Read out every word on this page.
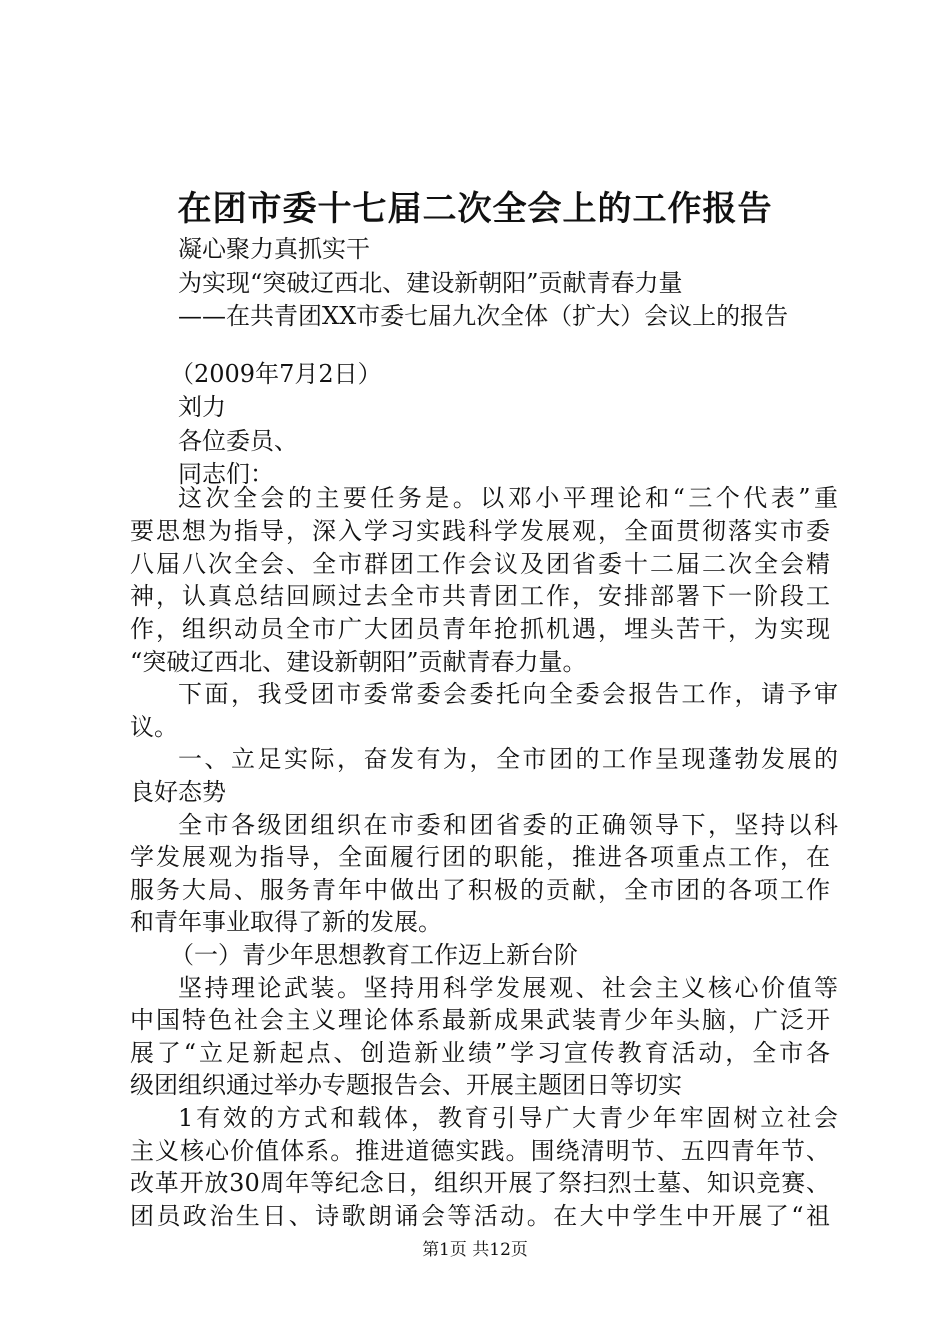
在团市委十七届二次全会上的工作报告
凝心聚力真抓实干
为实现“突破辽西北、建设新朝阳”贡献青春力量
——在共青团XX市委七届九次全体（扩大）会议上的报告
（2009年7月2日）
刘力
各位委员、
同志们：
这次全会的主要任务是。以邓小平理论和“三个代表”重
要思想为指导，深入学习实践科学发展观，全面贯彻落实市委
八届八次全会、全市群团工作会议及团省委十二届二次全会精
神，认真总结回顾过去全市共青团工作，安排部署下一阶段工
作，组织动员全市广大团员青年抢抓机遇，埋头苦干，为实现
“突破辽西北、建设新朝阳”贡献青春力量。
下面，我受团市委常委会委托向全委会报告工作，请予审
议。
一、立足实际，奋发有为，全市团的工作呈现蓬勃发展的
良好态势
全市各级团组织在市委和团省委的正确领导下，坚持以科
学发展观为指导，全面履行团的职能，推进各项重点工作，在
服务大局、服务青年中做出了积极的贡献，全市团的各项工作
和青年事业取得了新的发展。
（一）青少年思想教育工作迈上新台阶
坚持理论武装。坚持用科学发展观、社会主义核心价值等
中国特色社会主义理论体系最新成果武装青少年头脑，广泛开
展了“立足新起点、创造新业绩”学习宣传教育活动，全市各
级团组织通过举办专题报告会、开展主题团日等切实
1有效的方式和载体，教育引导广大青少年牢固树立社会
主义核心价值体系。推进道德实践。围绕清明节、五四青年节、
改革开放30周年等纪念日，组织开展了祭扫烈士墓、知识竞赛、
团员政治生日、诗歌朗诵会等活动。在大中学生中开展了“祖
第1页 共12页
